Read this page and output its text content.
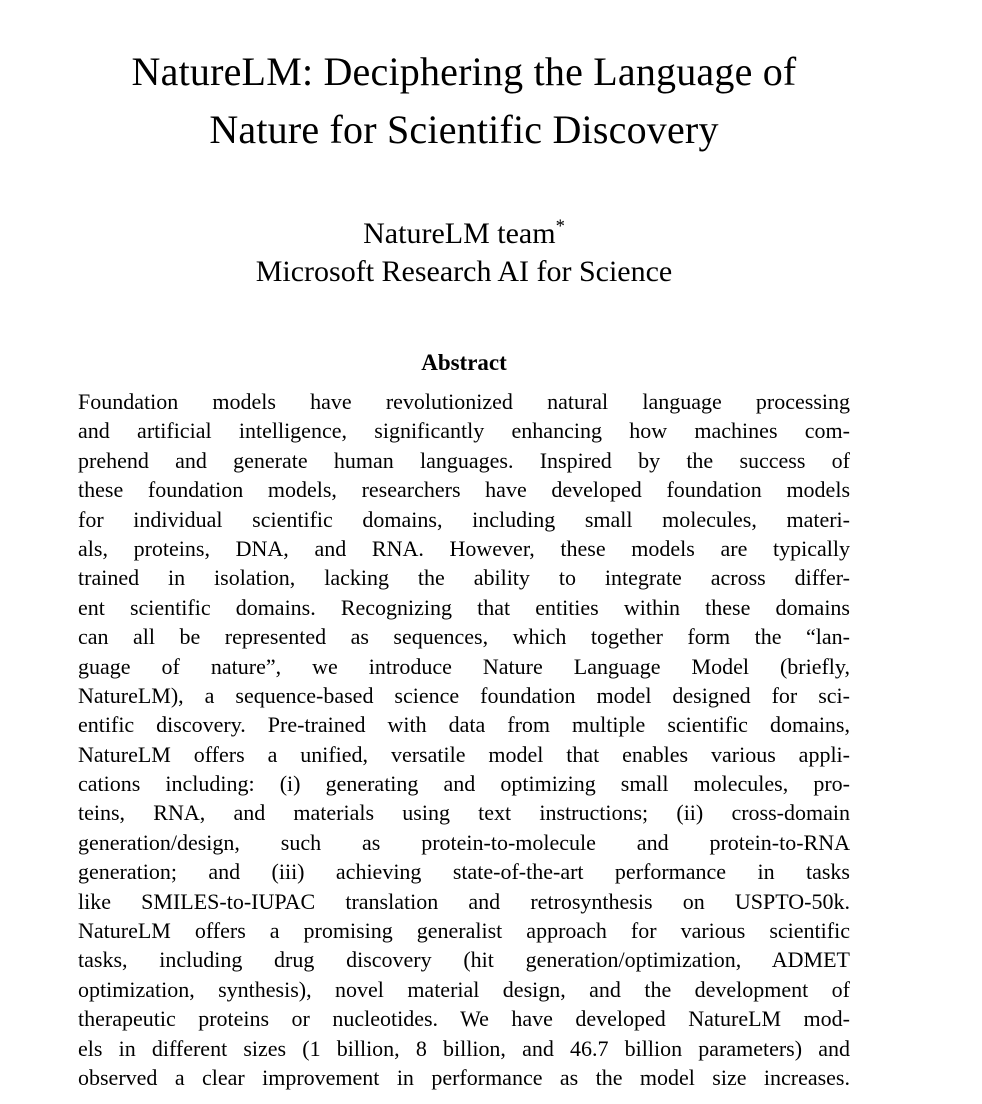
NatureLM: Deciphering the Language of
Nature for Scientific Discovery
NatureLM team*
Microsoft Research AI for Science
Abstract
Foundation models have revolutionized natural language processing
and artificial intelligence, significantly enhancing how machines com-
prehend and generate human languages. Inspired by the success of
these foundation models, researchers have developed foundation models
for individual scientific domains, including small molecules, materi-
als, proteins, DNA, and RNA. However, these models are typically
trained in isolation, lacking the ability to integrate across differ-
ent scientific domains. Recognizing that entities within these domains
can all be represented as sequences, which together form the “lan-
guage of nature”, we introduce Nature Language Model (briefly,
NatureLM), a sequence-based science foundation model designed for sci-
entific discovery. Pre-trained with data from multiple scientific domains,
NatureLM offers a unified, versatile model that enables various appli-
cations including: (i) generating and optimizing small molecules, pro-
teins, RNA, and materials using text instructions; (ii) cross-domain
generation/design, such as protein-to-molecule and protein-to-RNA
generation; and (iii) achieving state-of-the-art performance in tasks
like SMILES-to-IUPAC translation and retrosynthesis on USPTO-50k.
NatureLM offers a promising generalist approach for various scientific
tasks, including drug discovery (hit generation/optimization, ADMET
optimization, synthesis), novel material design, and the development of
therapeutic proteins or nucleotides. We have developed NatureLM mod-
els in different sizes (1 billion, 8 billion, and 46.7 billion parameters) and
observed a clear improvement in performance as the model size increases.
